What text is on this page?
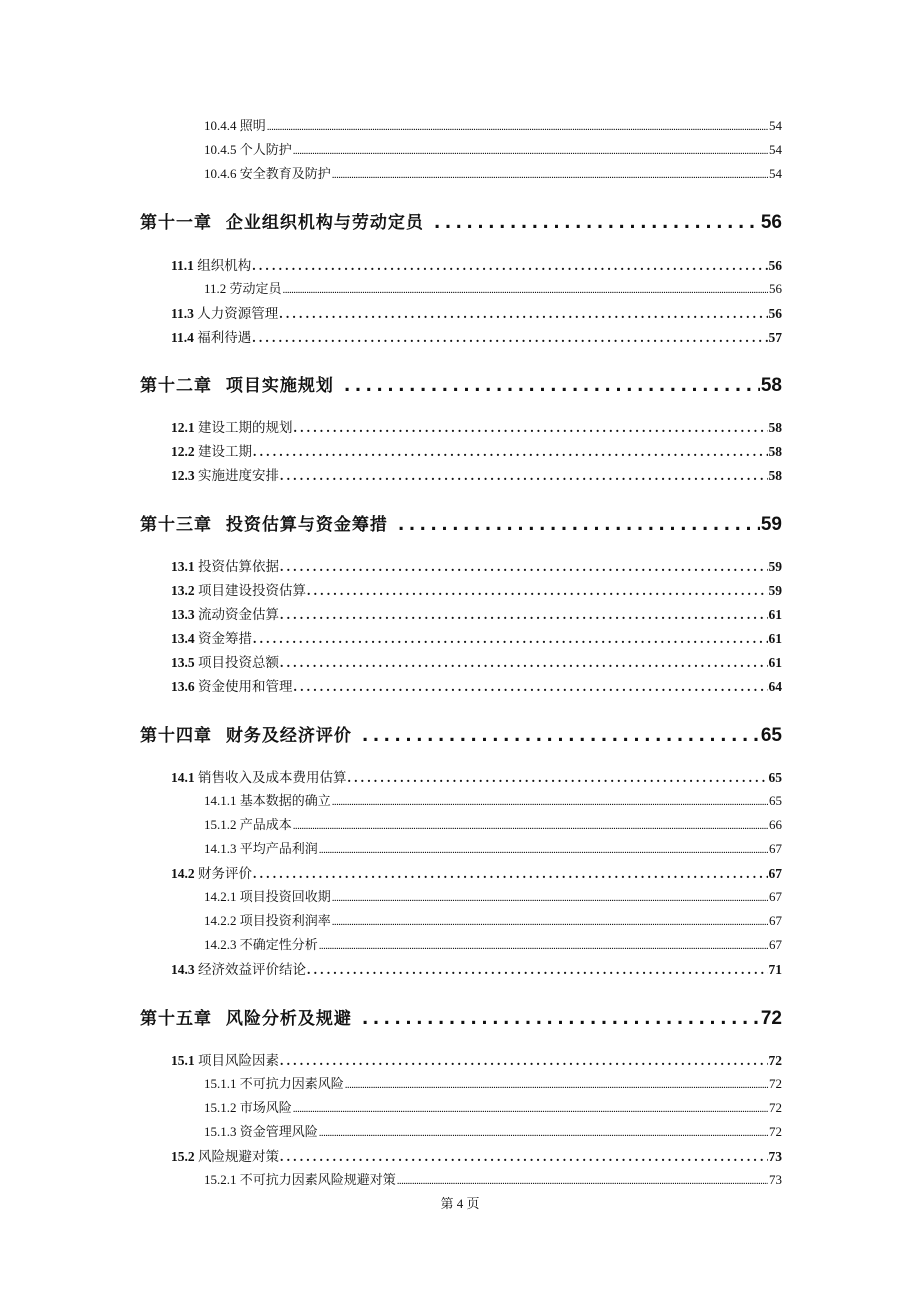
10.4.4 照明 .....	54
10.4.5 个人防护 .....	54
10.4.6 安全教育及防护 .....	54
第十一章 企业组织机构与劳动定员 .....	56
11.1 组织机构 .....	56
11.2 劳动定员 .....	56
11.3 人力资源管理 .....	56
11.4 福利待遇 .....	57
第十二章 项目实施规划 .....	58
12.1 建设工期的规划 .....	58
12.2 建设工期 .....	58
12.3 实施进度安排 .....	58
第十三章 投资估算与资金筹措 .....	59
13.1 投资估算依据 .....	59
13.2 项目建设投资估算 .....	59
13.3 流动资金估算 .....	61
13.4 资金筹措 .....	61
13.5 项目投资总额 .....	61
13.6 资金使用和管理 .....	64
第十四章 财务及经济评价 .....	65
14.1 销售收入及成本费用估算 .....	65
14.1.1 基本数据的确立 .....	65
15.1.2 产品成本 .....	66
14.1.3 平均产品利润 .....	67
14.2 财务评价 .....	67
14.2.1 项目投资回收期 .....	67
14.2.2 项目投资利润率 .....	67
14.2.3 不确定性分析 .....	67
14.3 经济效益评价结论 .....	71
第十五章 风险分析及规避 .....	72
15.1 项目风险因素 .....	72
15.1.1 不可抗力因素风险 .....	72
15.1.2 市场风险 .....	72
15.1.3 资金管理风险 .....	72
15.2 风险规避对策 .....	73
15.2.1 不可抗力因素风险规避对策 .....	73
第 4 页
